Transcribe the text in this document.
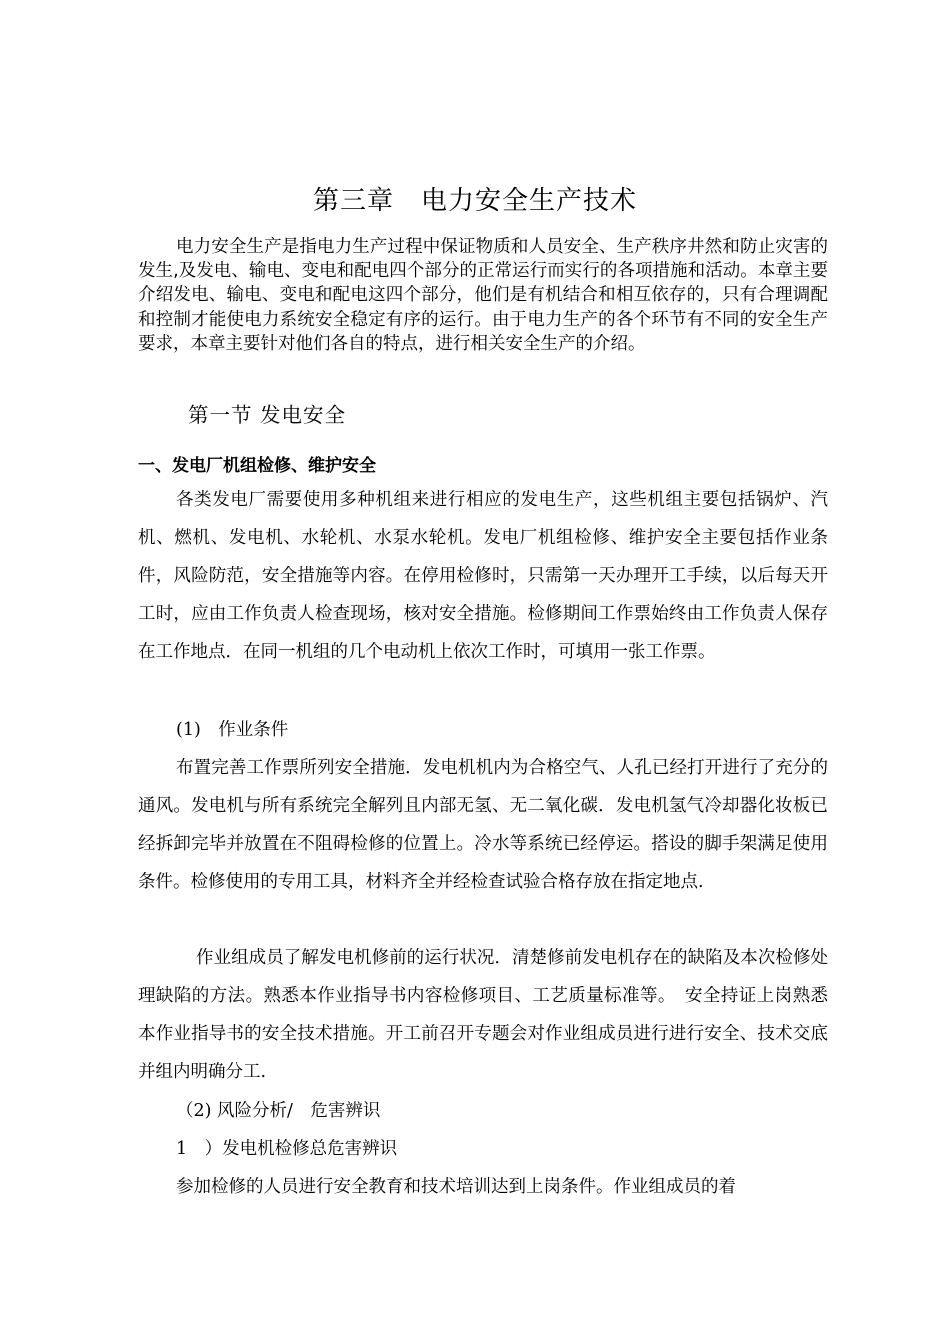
第三章　电力安全生产技术

电力安全生产是指电力生产过程中保证物质和人员安全、生产秩序井然和防止灾害的发生,及发电、输电、变电和配电四个部分的正常运行而实行的各项措施和活动。本章主要介绍发电、输电、变电和配电这四个部分，他们是有机结合和相互依存的，只有合理调配和控制才能使电力系统安全稳定有序的运行。由于电力生产的各个环节有不同的安全生产要求，本章主要针对他们各自的特点，进行相关安全生产的介绍。

第一节 发电安全
一、发电厂机组检修、维护安全

各类发电厂需要使用多种机组来进行相应的发电生产，这些机组主要包括锅炉、汽机、燃机、发电机、水轮机、水泵水轮机。发电厂机组检修、维护安全主要包括作业条件，风险防范，安全措施等内容。在停用检修时，只需第一天办理开工手续，以后每天开工时，应由工作负责人检查现场，核对安全措施。检修期间工作票始终由工作负责人保存在工作地点．在同一机组的几个电动机上依次工作时，可填用一张工作票。

(1)　作业条件

布置完善工作票所列安全措施．发电机机内为合格空气、人孔已经打开进行了充分的通风。发电机与所有系统完全解列且内部无氢、无二氧化碳．发电机氢气冷却器化妆板已经拆卸完毕并放置在不阻碍检修的位置上。冷水等系统已经停运。搭设的脚手架满足使用条件。检修使用的专用工具，材料齐全并经检查试验合格存放在指定地点.

作业组成员了解发电机修前的运行状况．清楚修前发电机存在的缺陷及本次检修处理缺陷的方法。熟悉本作业指导书内容检修项目、工艺质量标准等。　安全持证上岗熟悉本作业指导书的安全技术措施。开工前召开专题会对作业组成员进行进行安全、技术交底并组内明确分工.

（2) 风险分析/　危害辨识
1　）发电机检修总危害辨识

参加检修的人员进行安全教育和技术培训达到上岗条件。作业组成员的着
